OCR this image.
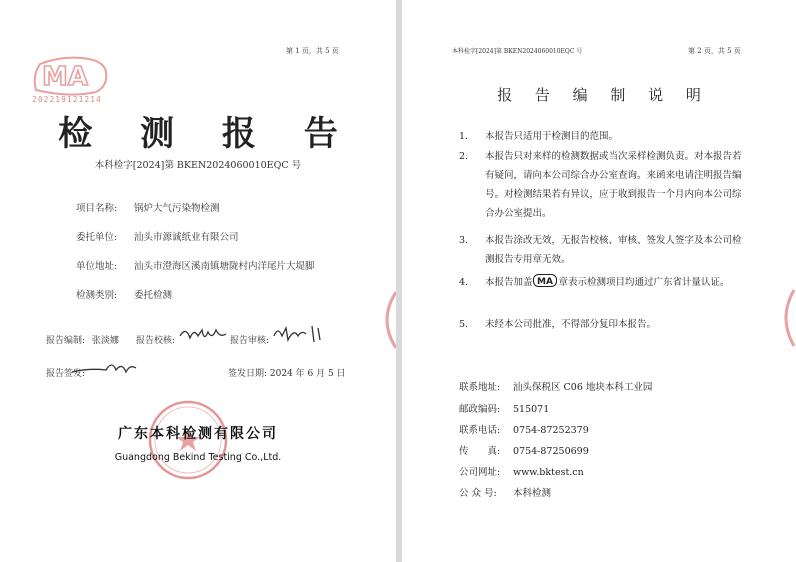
第 1 页，共 5 页
MA
202219121214
检 测 报 告
本科检字[2024]第 BKEN2024060010EQC 号
项目名称: 锅炉大气污染物检测
委托单位: 汕头市源诚纸业有限公司
单位地址: 汕头市澄海区溪南镇塘陇村内洋尾片大堤脚
检测类别: 委托检测
报告编制: 张淡娜 报告校核:	报告审核:
报告签发:	签发日期: 2024 年 6 月 5 日
广东本科检测有限公司
Guangdong Bekind Testing Co.,Ltd.
本科检字[2024]第 BKEN2024060010EQC 号	第 2 页，共 5 页
报 告 编 制 说 明
1. 本报告只适用于检测目的范围。
2. 本报告只对来样的检测数据或当次采样检测负责。对本报告若有疑问，请向本公司综合办公室查询。来函来电请注明报告编号。对检测结果若有异议，应于收到报告一个月内向本公司综合办公室提出。
3. 本报告涂改无效，无报告校核、审核、签发人签字及本公司检测报告专用章无效。
4. 本报告加盖 MA 章表示检测项目均通过广东省计量认证。
5. 未经本公司批准，不得部分复印本报告。
联系地址: 汕头保税区 C06 地块本科工业园
邮政编码: 515071
联系电话: 0754-87252379
传　　真: 0754-87250699
公司网址: www.bktest.cn
公 众 号: 本科检测
